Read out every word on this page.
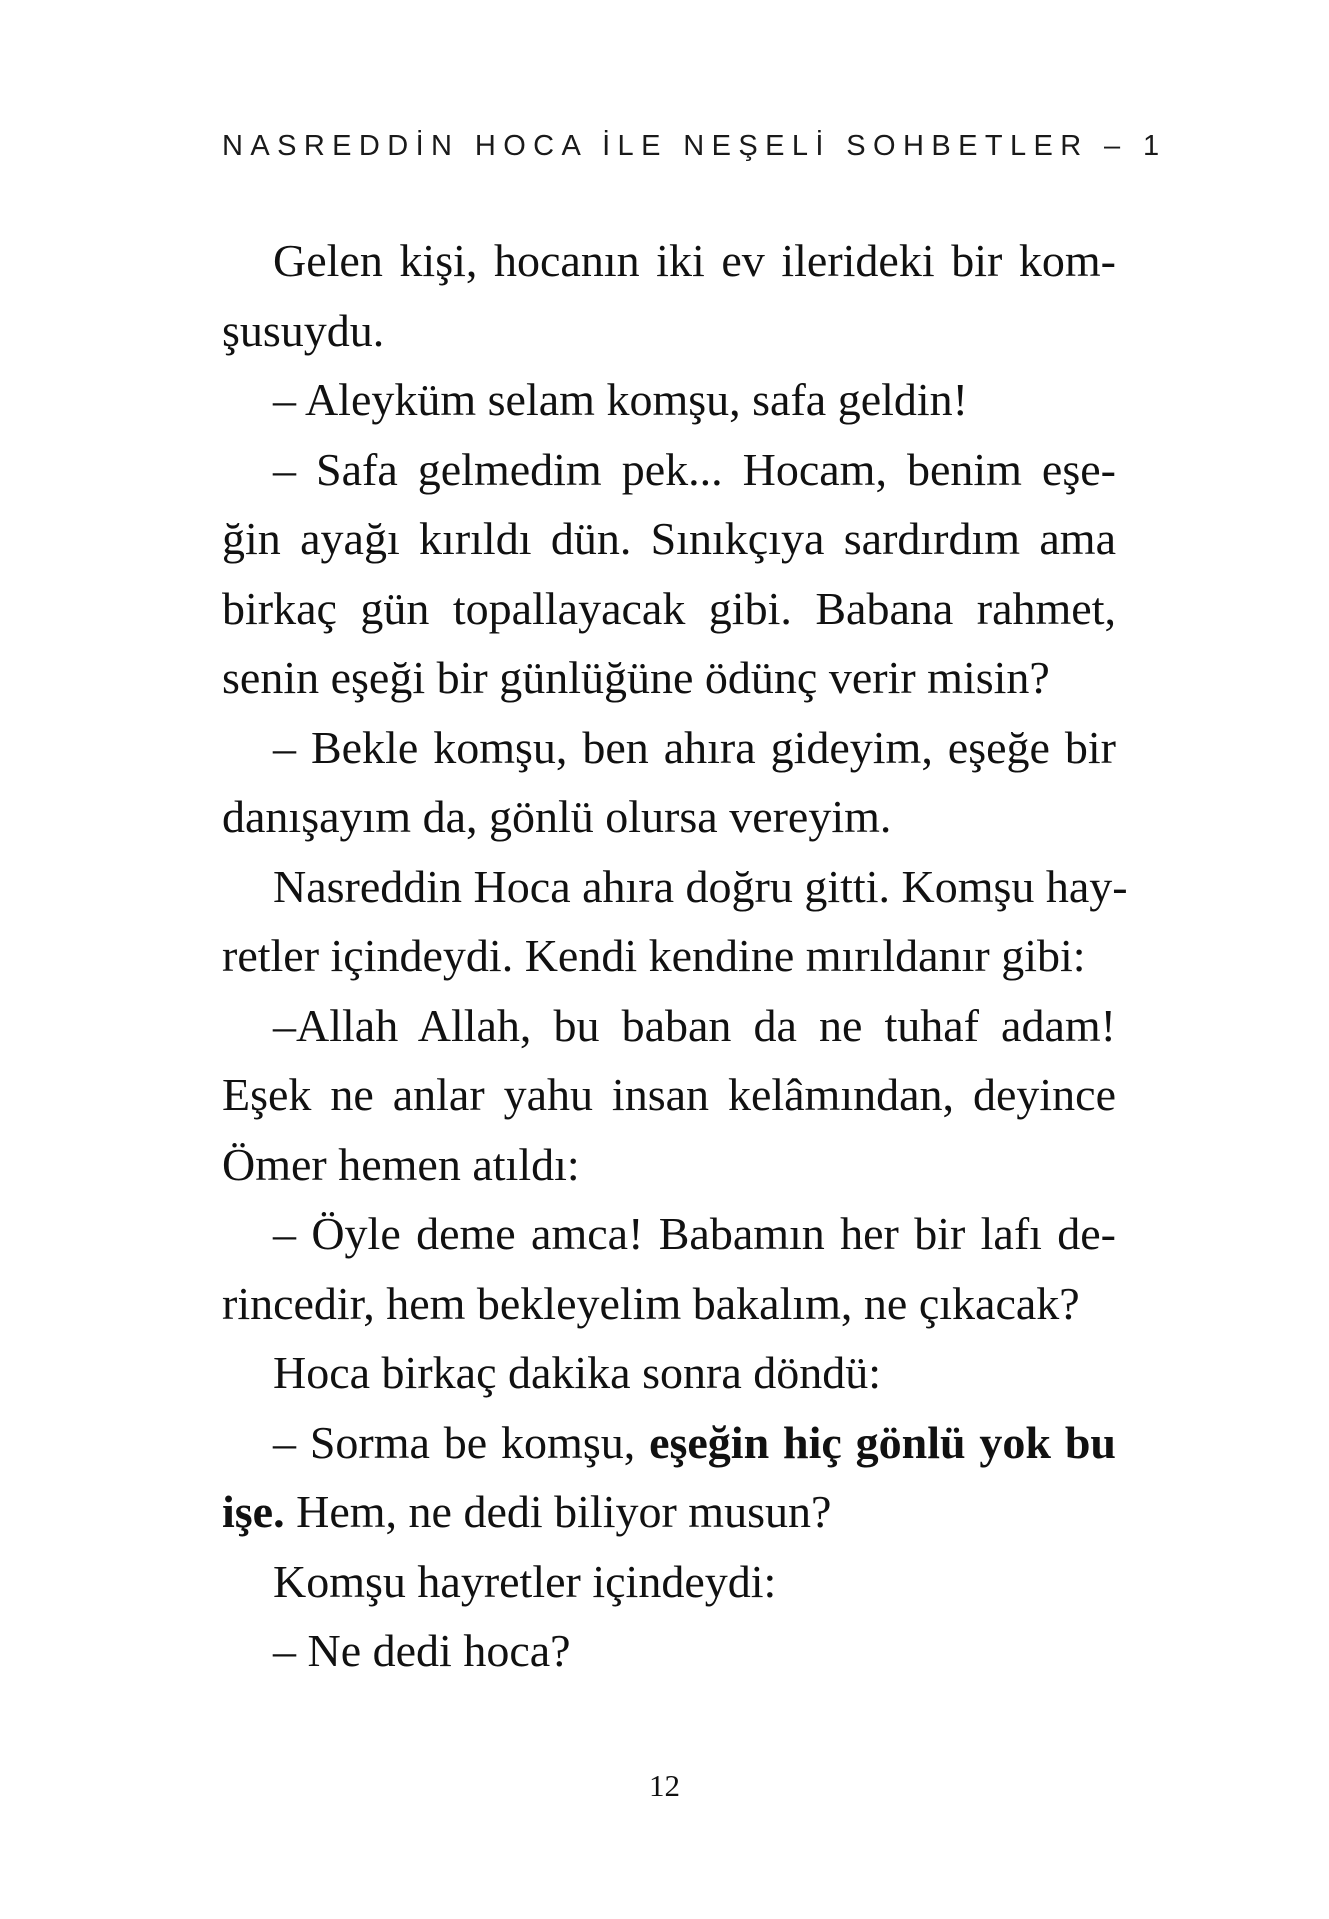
NASREDDİN HOCA İLE NEŞELİ SOHBETLER – 1
Gelen kişi, hocanın iki ev ilerideki bir kom-
şusuydu.
– Aleyküm selam komşu, safa geldin!
– Safa gelmedim pek... Hocam, benim eşe-
ğin ayağı kırıldı dün. Sınıkçıya sardırdım ama
birkaç gün topallayacak gibi. Babana rahmet,
senin eşeği bir günlüğüne ödünç verir misin?
– Bekle komşu, ben ahıra gideyim, eşeğe bir
danışayım da, gönlü olursa vereyim.
Nasreddin Hoca ahıra doğru gitti. Komşu hay-
retler içindeydi. Kendi kendine mırıldanır gibi:
–Allah Allah, bu baban da ne tuhaf adam!
Eşek ne anlar yahu insan kelâmından, deyince
Ömer hemen atıldı:
– Öyle deme amca! Babamın her bir lafı de-
rincedir, hem bekleyelim bakalım, ne çıkacak?
Hoca birkaç dakika sonra döndü:
– Sorma be komşu, eşeğin hiç gönlü yok bu
işe. Hem, ne dedi biliyor musun?
Komşu hayretler içindeydi:
– Ne dedi hoca?
12
